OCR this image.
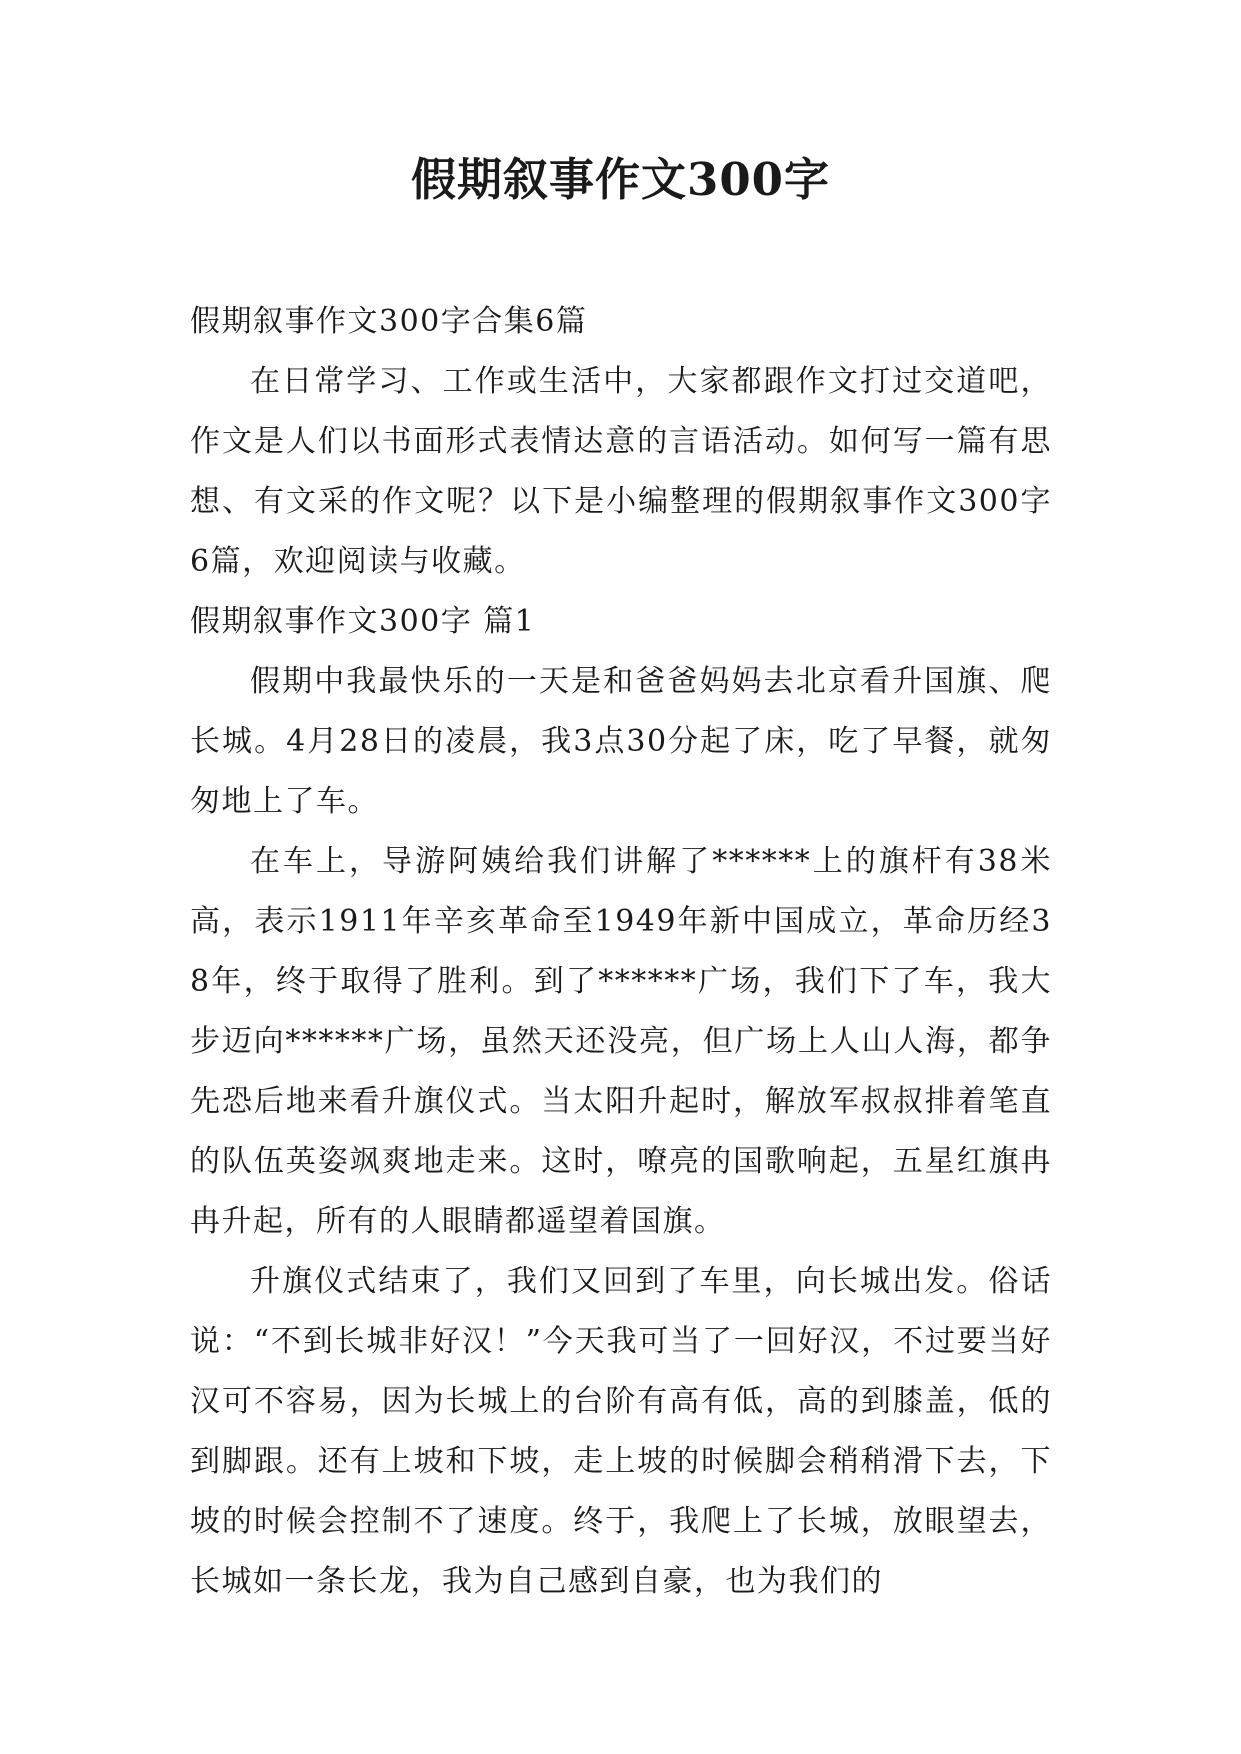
假期叙事作文300字

假期叙事作文300字合集6篇

在日常学习、工作或生活中，大家都跟作文打过交道吧，作文是人们以书面形式表情达意的言语活动。如何写一篇有思想、有文采的作文呢？以下是小编整理的假期叙事作文300字6篇，欢迎阅读与收藏。

假期叙事作文300字 篇1

假期中我最快乐的一天是和爸爸妈妈去北京看升国旗、爬长城。4月28日的凌晨，我3点30分起了床，吃了早餐，就匆匆地上了车。

在车上，导游阿姨给我们讲解了******上的旗杆有38米高，表示1911年辛亥革命至1949年新中国成立，革命历经38年，终于取得了胜利。到了******广场，我们下了车，我大步迈向******广场，虽然天还没亮，但广场上人山人海，都争先恐后地来看升旗仪式。当太阳升起时，解放军叔叔排着笔直的队伍英姿飒爽地走来。这时，嘹亮的国歌响起，五星红旗冉冉升起，所有的人眼睛都遥望着国旗。

升旗仪式结束了，我们又回到了车里，向长城出发。俗话说：“不到长城非好汉！”今天我可当了一回好汉，不过要当好汉可不容易，因为长城上的台阶有高有低，高的到膝盖，低的到脚跟。还有上坡和下坡，走上坡的时候脚会稍稍滑下去，下坡的时候会控制不了速度。终于，我爬上了长城，放眼望去，长城如一条长龙，我为自己感到自豪，也为我们的
